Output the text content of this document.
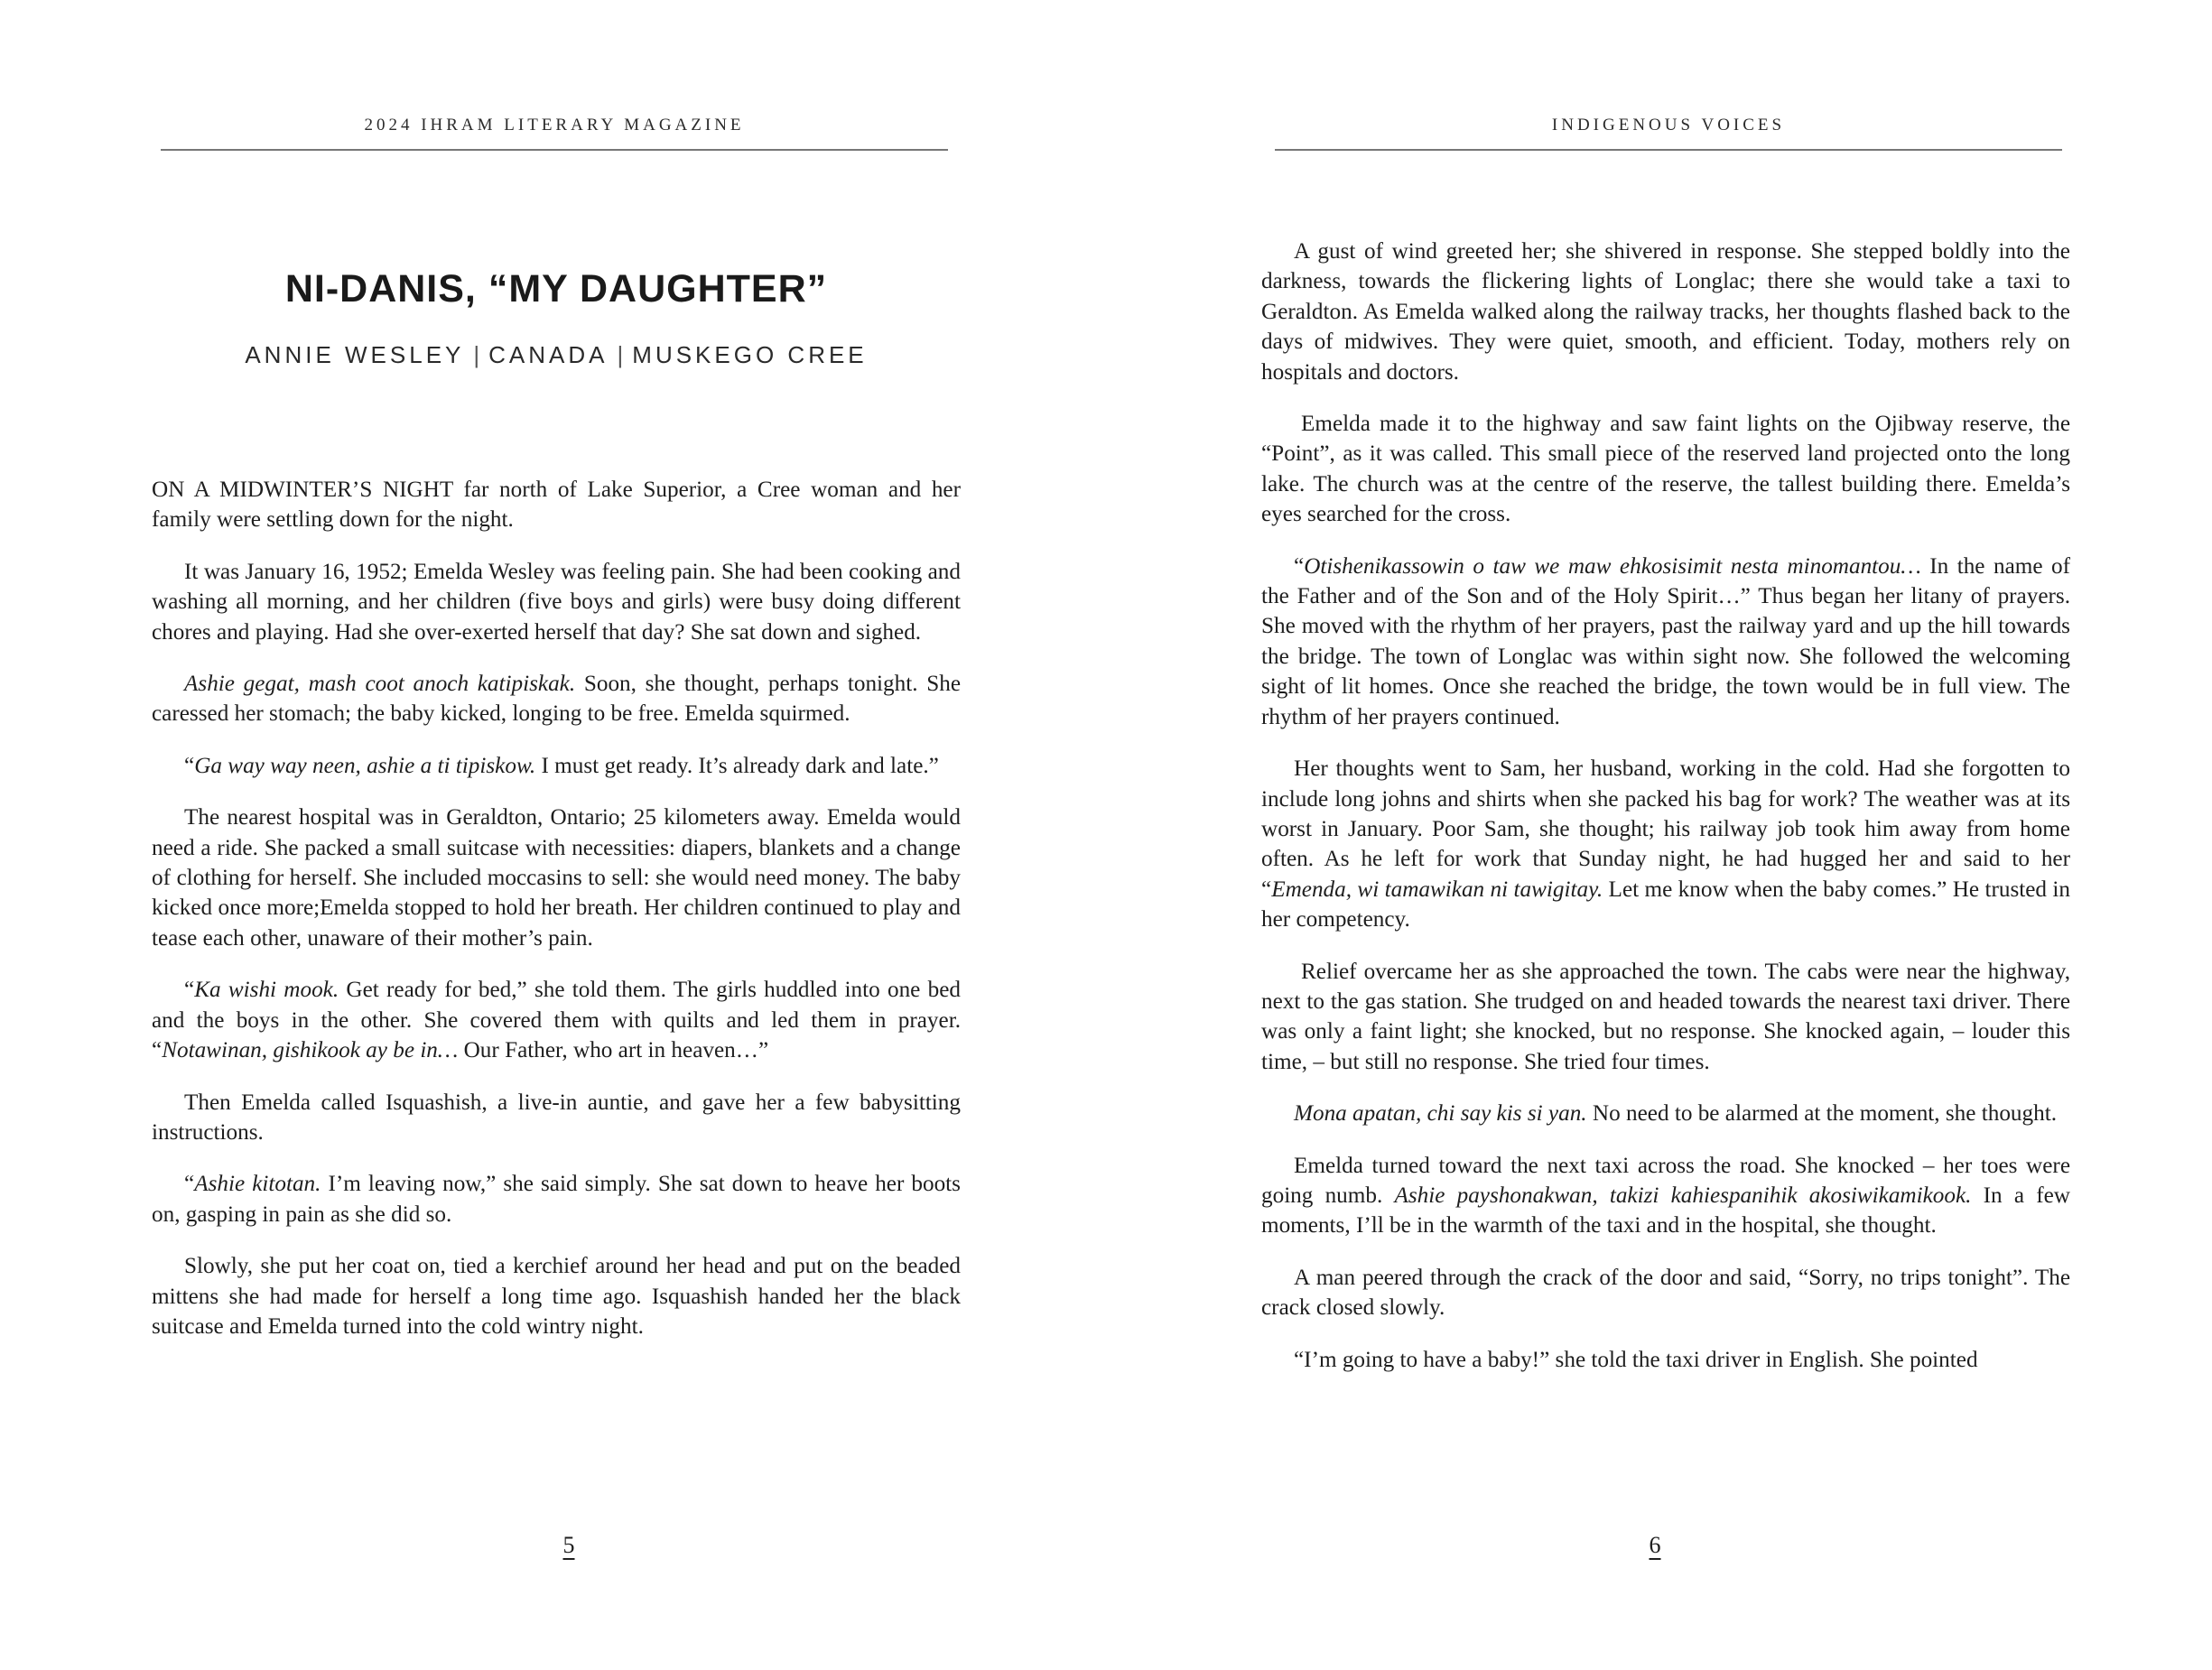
2024 IHRAM LITERARY MAGAZINE
NI-DANIS, “MY DAUGHTER”
ANNIE WESLEY | CANADA | MUSKEGO CREE

ON A MIDWINTER’S NIGHT far north of Lake Superior, a Cree woman and her family were settling down for the night.

It was January 16, 1952; Emelda Wesley was feeling pain. She had been cooking and washing all morning, and her children (five boys and girls) were busy doing different chores and playing. Had she over-exerted herself that day? She sat down and sighed.

Ashie gegat, mash coot anoch katipiskak. Soon, she thought, perhaps tonight. She caressed her stomach; the baby kicked, longing to be free. Emelda squirmed.

“Ga way way neen, ashie a ti tipiskow. I must get ready. It’s already dark and late.”

The nearest hospital was in Geraldton, Ontario; 25 kilometers away. Emelda would need a ride. She packed a small suitcase with necessities: diapers, blankets and a change of clothing for herself. She included moccasins to sell: she would need money. The baby kicked once more;Emelda stopped to hold her breath. Her children continued to play and tease each other, unaware of their mother’s pain.

“Ka wishi mook. Get ready for bed,” she told them. The girls huddled into one bed and the boys in the other. She covered them with quilts and led them in prayer. “Notawinan, gishikook ay be in… Our Father, who art in heaven…”

Then Emelda called Isquashish, a live-in auntie, and gave her a few babysitting instructions.

“Ashie kitotan. I’m leaving now,” she said simply. She sat down to heave her boots on, gasping in pain as she did so.

Slowly, she put her coat on, tied a kerchief around her head and put on the beaded mittens she had made for herself a long time ago. Isquashish handed her the black suitcase and Emelda turned into the cold wintry night.

5
INDIGENOUS VOICES

A gust of wind greeted her; she shivered in response. She stepped boldly into the darkness, towards the flickering lights of Longlac; there she would take a taxi to Geraldton. As Emelda walked along the railway tracks, her thoughts flashed back to the days of midwives. They were quiet, smooth, and efficient. Today, mothers rely on hospitals and doctors.

Emelda made it to the highway and saw faint lights on the Ojibway reserve, the “Point”, as it was called. This small piece of the reserved land projected onto the long lake. The church was at the centre of the reserve, the tallest building there. Emelda’s eyes searched for the cross.

“Otishenikassowin o taw we maw ehkosisimit nesta minomantou… In the name of the Father and of the Son and of the Holy Spirit…” Thus began her litany of prayers. She moved with the rhythm of her prayers, past the railway yard and up the hill towards the bridge. The town of Longlac was within sight now. She followed the welcoming sight of lit homes. Once she reached the bridge, the town would be in full view. The rhythm of her prayers continued.

Her thoughts went to Sam, her husband, working in the cold. Had she forgotten to include long johns and shirts when she packed his bag for work? The weather was at its worst in January. Poor Sam, she thought; his railway job took him away from home often. As he left for work that Sunday night, he had hugged her and said to her “Emenda, wi tamawikan ni tawigitay. Let me know when the baby comes.” He trusted in her competency.

Relief overcame her as she approached the town. The cabs were near the highway, next to the gas station. She trudged on and headed towards the nearest taxi driver. There was only a faint light; she knocked, but no response. She knocked again, – louder this time, – but still no response. She tried four times.

Mona apatan, chi say kis si yan. No need to be alarmed at the moment, she thought.

Emelda turned toward the next taxi across the road. She knocked – her toes were going numb. Ashie payshonakwan, takizi kahiespanihik akosiwikamikook. In a few moments, I’ll be in the warmth of the taxi and in the hospital, she thought.

A man peered through the crack of the door and said, “Sorry, no trips tonight”. The crack closed slowly.

“I’m going to have a baby!” she told the taxi driver in English. She pointed

6
